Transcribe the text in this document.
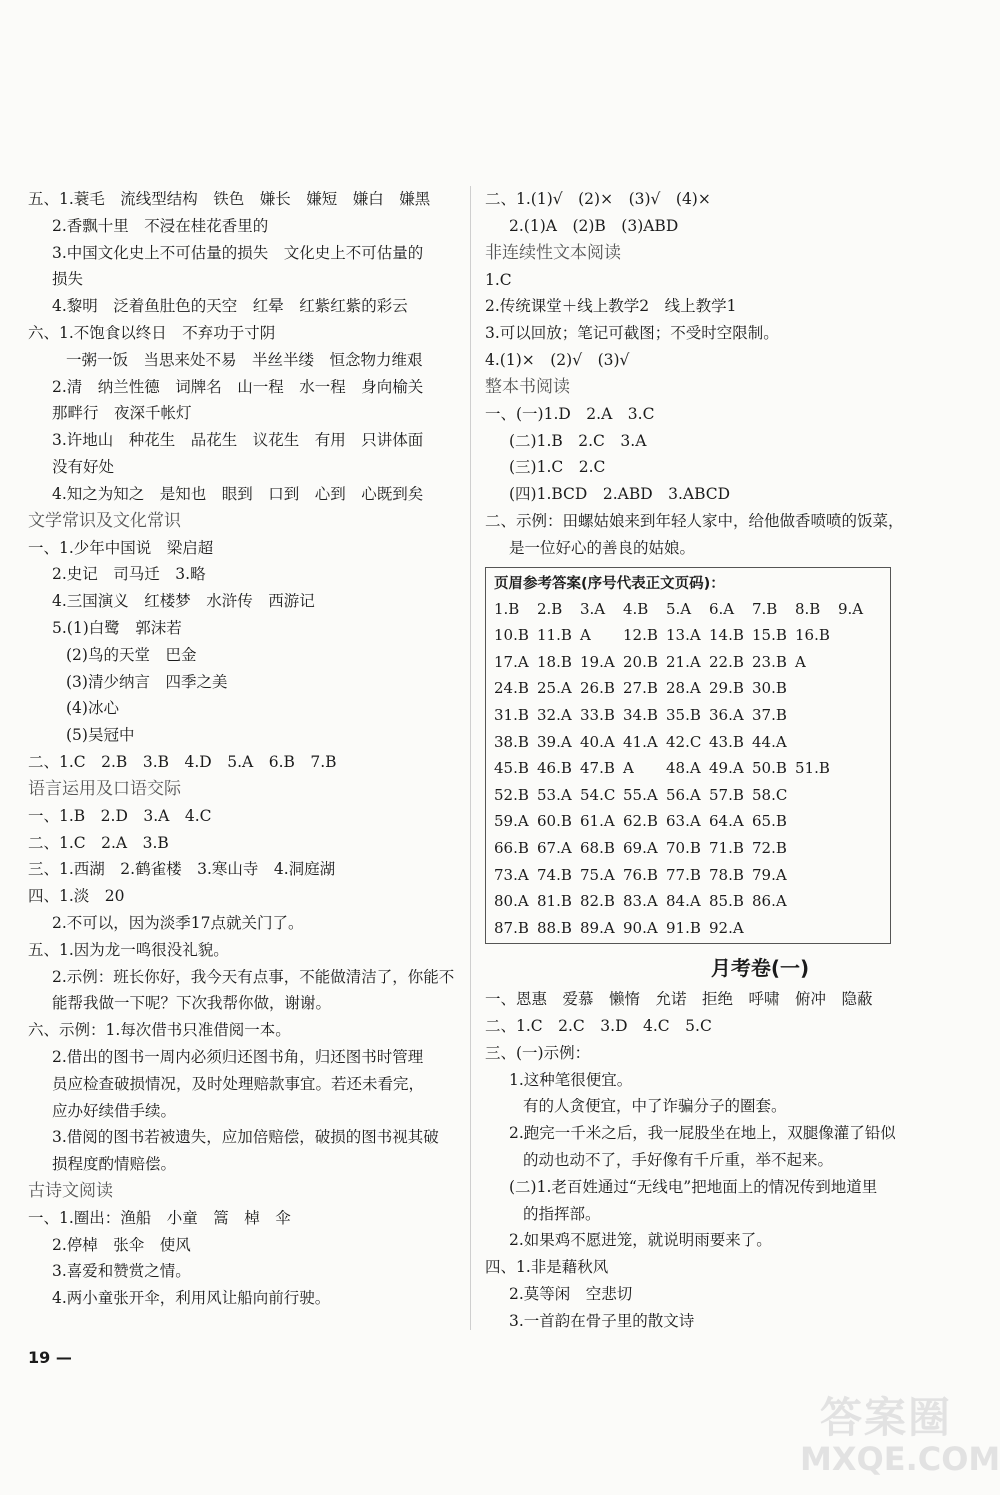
五、1.蓑毛　流线型结构　铁色　嫌长　嫌短　嫌白　嫌黑
2.香飘十里　不浸在桂花香里的
3.中国文化史上不可估量的损失　文化史上不可估量的
损失
4.黎明　泛着鱼肚色的天空　红晕　红紫红紫的彩云
六、1.不饱食以终日　不弃功于寸阴
一粥一饭　当思来处不易　半丝半缕　恒念物力维艰
2.清　纳兰性德　词牌名　山一程　水一程　身向榆关
那畔行　夜深千帐灯
3.许地山　种花生　品花生　议花生　有用　只讲体面
没有好处
4.知之为知之　是知也　眼到　口到　心到　心既到矣
文学常识及文化常识
一、1.少年中国说　梁启超
2.史记　司马迁　3.略
4.三国演义　红楼梦　水浒传　西游记
5.(1)白鹭　郭沫若
(2)鸟的天堂　巴金
(3)清少纳言　四季之美
(4)冰心
(5)吴冠中
二、1.C　2.B　3.B　4.D　5.A　6.B　7.B
语言运用及口语交际
一、1.B　2.D　3.A　4.C
二、1.C　2.A　3.B
三、1.西湖　2.鹤雀楼　3.寒山寺　4.洞庭湖
四、1.淡　20
2.不可以，因为淡季17点就关门了。
五、1.因为龙一鸣很没礼貌。
2.示例：班长你好，我今天有点事，不能做清洁了，你能不
能帮我做一下呢？下次我帮你做，谢谢。
六、示例：1.每次借书只准借阅一本。
2.借出的图书一周内必须归还图书角，归还图书时管理
员应检查破损情况，及时处理赔款事宜。若还未看完，
应办好续借手续。
3.借阅的图书若被遗失，应加倍赔偿，破损的图书视其破
损程度酌情赔偿。
古诗文阅读
一、1.圈出：渔船　小童　篙　棹　伞
2.停棹　张伞　使风
3.喜爱和赞赏之情。
4.两小童张开伞，利用风让船向前行驶。
二、1.(1)√　(2)×　(3)√　(4)×
2.(1)A　(2)B　(3)ABD
非连续性文本阅读
1.C
2.传统课堂＋线上教学2　线上教学1
3.可以回放；笔记可截图；不受时空限制。
4.(1)×　(2)√　(3)√
整本书阅读
一、(一)1.D　2.A　3.C
(二)1.B　2.C　3.A
(三)1.C　2.C
(四)1.BCD　2.ABD　3.ABCD
二、示例：田螺姑娘来到年轻人家中，给他做香喷喷的饭菜，
是一位好心的善良的姑娘。
页眉参考答案(序号代表正文页码)：
1.B	2.B	3.A	4.B	5.A	6.A	7.B	8.B	9.A
10.B 11.B A	12.B 13.A 14.B 15.B 16.B
17.A 18.B 19.A 20.B 21.A 22.B 23.B A
24.B 25.A 26.B 27.B 28.A 29.B 30.B
31.B 32.A 33.B 34.B 35.B 36.A 37.B
38.B 39.A 40.A 41.A 42.C 43.B 44.A
45.B 46.B 47.B A	48.A 49.A 50.B 51.B
52.B 53.A 54.C 55.A 56.A 57.B 58.C
59.A 60.B 61.A 62.B 63.A 64.A 65.B
66.B 67.A 68.B 69.A 70.B 71.B 72.B
73.A 74.B 75.A 76.B 77.B 78.B 79.A
80.A 81.B 82.B 83.A 84.A 85.B 86.A
87.B 88.B 89.A 90.A 91.B 92.A
月考卷(一)
一、恩惠　爱慕　懒惰　允诺　拒绝　呼啸　俯冲　隐蔽
二、1.C　2.C　3.D　4.C　5.C
三、(一)示例：
1.这种笔很便宜。
有的人贪便宜，中了诈骗分子的圈套。
2.跑完一千米之后，我一屁股坐在地上，双腿像灌了铅似
的动也动不了，手好像有千斤重，举不起来。
(二)1.老百姓通过“无线电”把地面上的情况传到地道里
的指挥部。
2.如果鸡不愿进笼，就说明雨要来了。
四、1.非是藉秋风
2.莫等闲　空悲切
3.一首韵在骨子里的散文诗
19 —
答案圈
MXQE.COM
